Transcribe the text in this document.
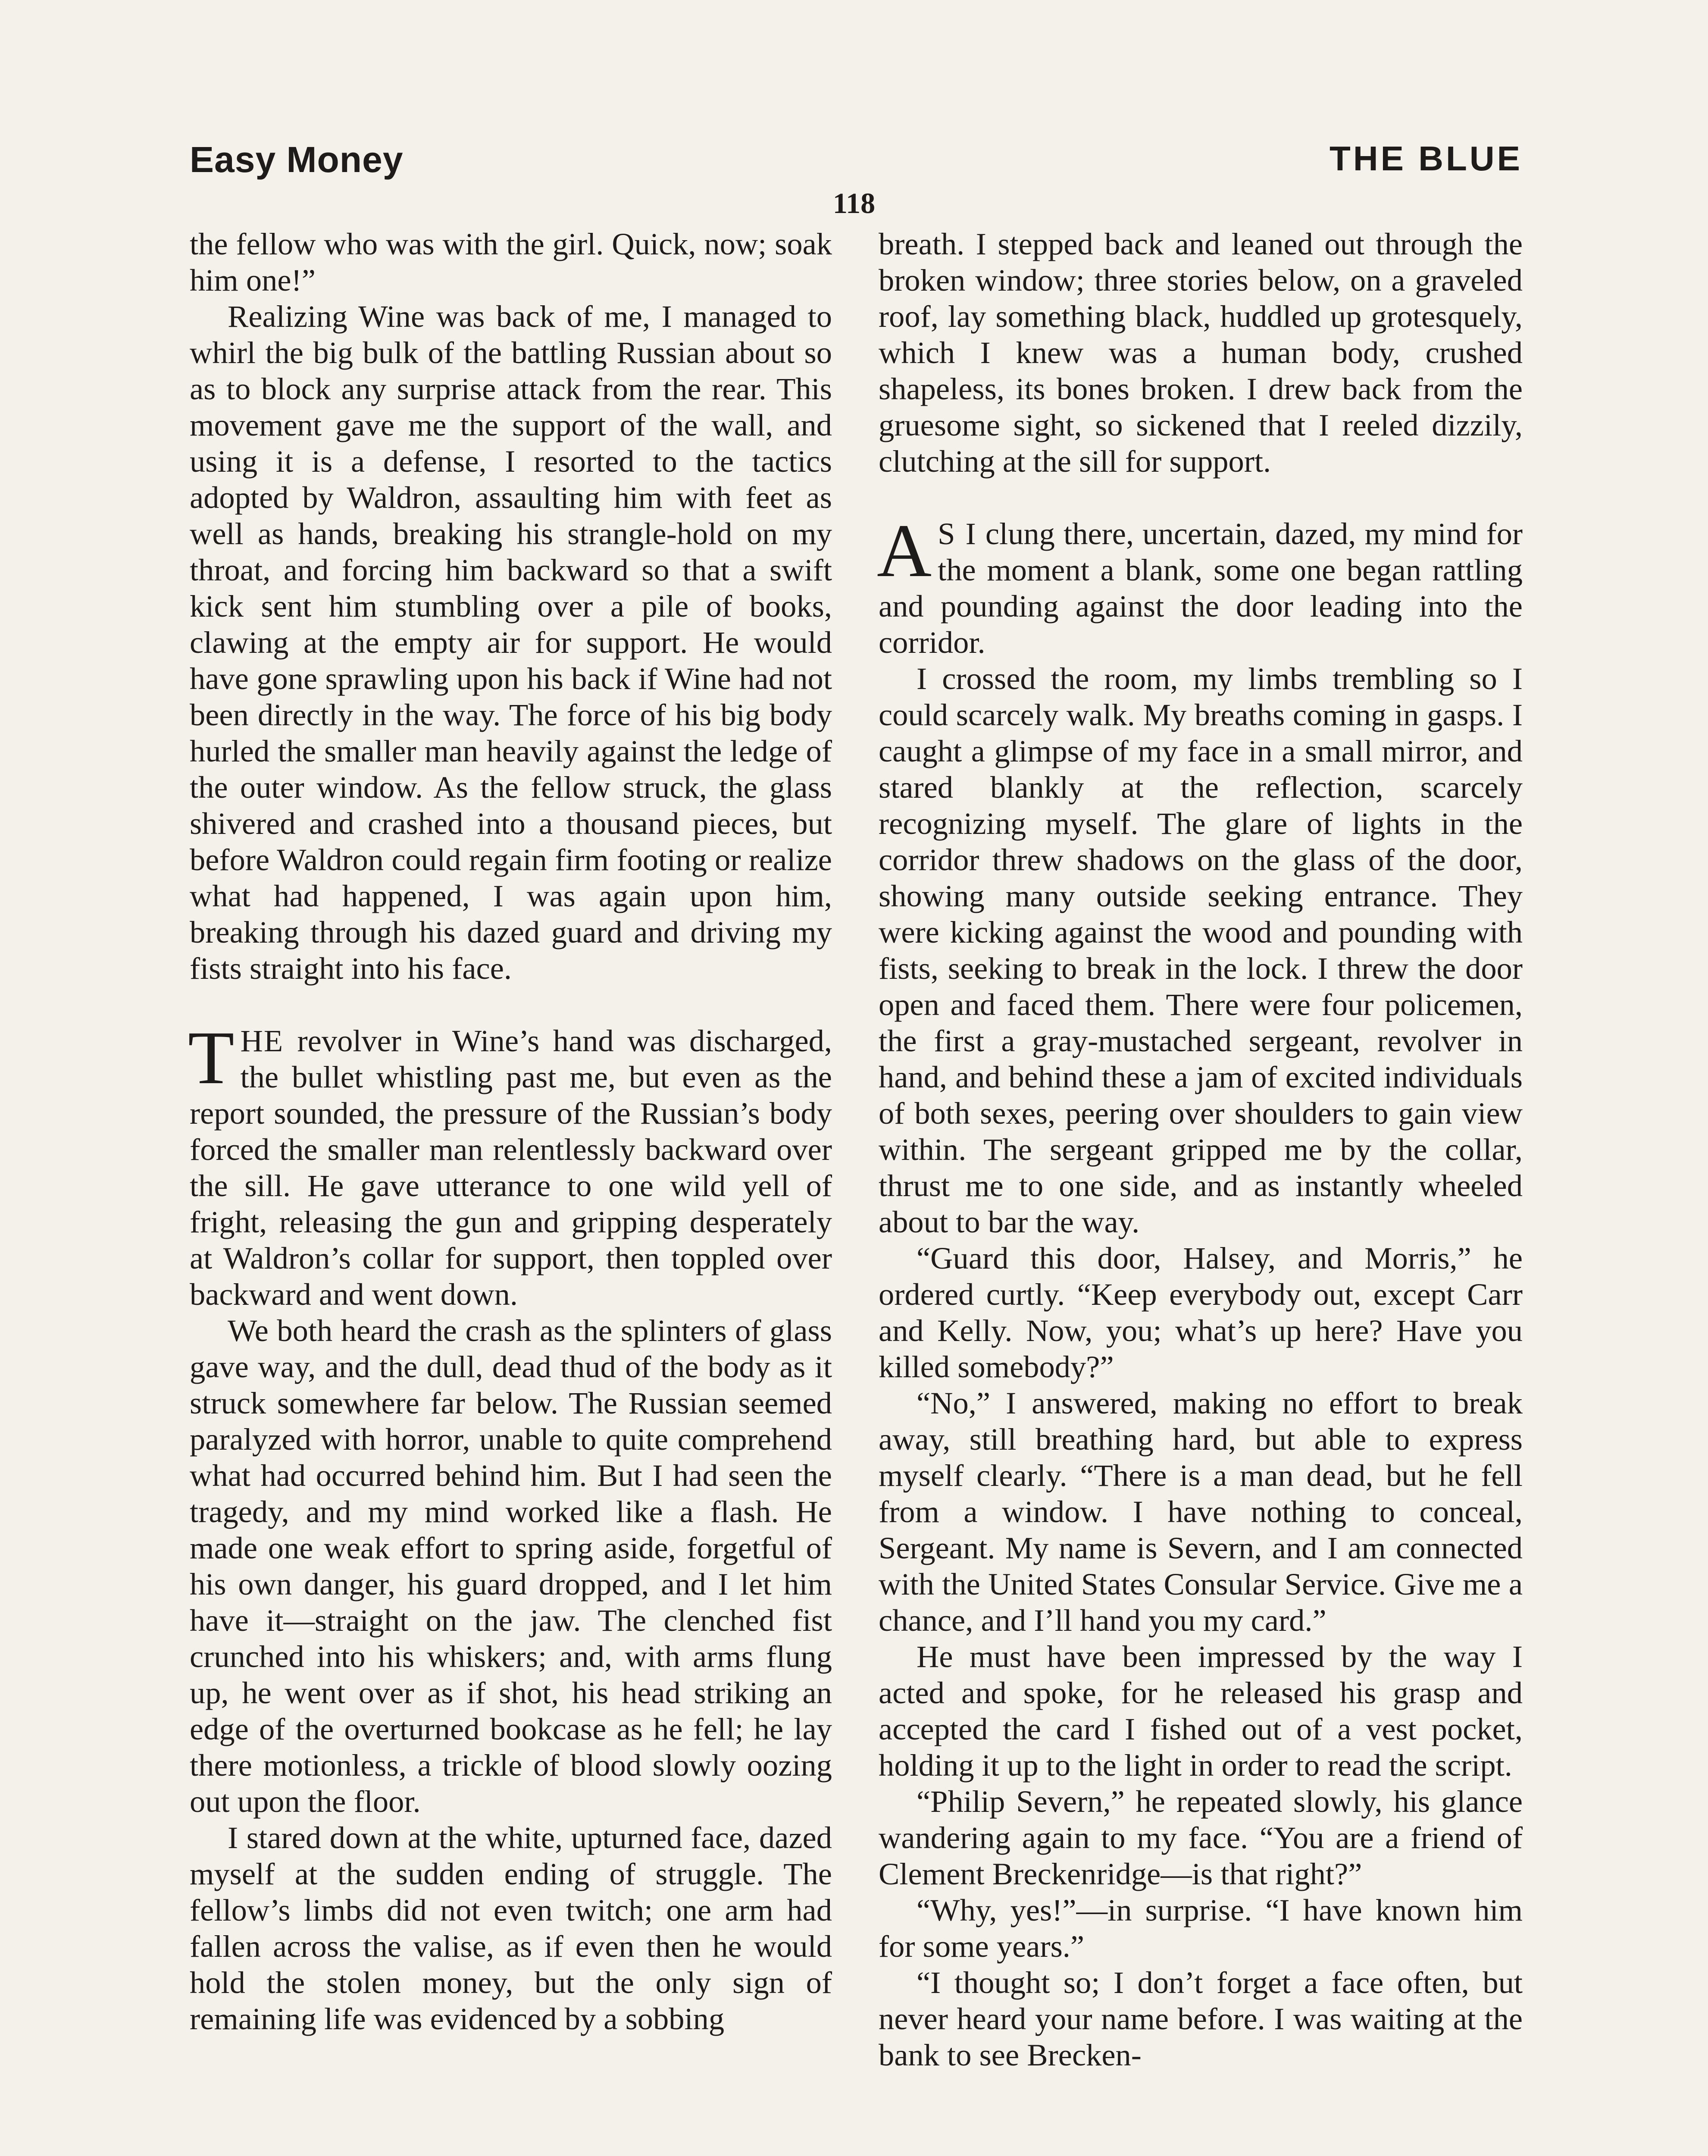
Easy Money	THE BLUE
118

the fellow who was with the girl. Quick, now; soak him one!”

Realizing Wine was back of me, I managed to whirl the big bulk of the battling Russian about so as to block any surprise attack from the rear. This movement gave me the support of the wall, and using it is a defense, I resorted to the tactics adopted by Waldron, assaulting him with feet as well as hands, breaking his strangle-hold on my throat, and forcing him backward so that a swift kick sent him stumbling over a pile of books, clawing at the empty air for support. He would have gone sprawling upon his back if Wine had not been directly in the way. The force of his big body hurled the smaller man heavily against the ledge of the outer window. As the fellow struck, the glass shivered and crashed into a thousand pieces, but before Waldron could regain firm footing or realize what had happened, I was again upon him, breaking through his dazed guard and driving my fists straight into his face.

THE revolver in Wine’s hand was discharged, the bullet whistling past me, but even as the report sounded, the pressure of the Russian’s body forced the smaller man relentlessly backward over the sill. He gave utterance to one wild yell of fright, releasing the gun and gripping desperately at Waldron’s collar for support, then toppled over backward and went down.

We both heard the crash as the splinters of glass gave way, and the dull, dead thud of the body as it struck somewhere far below. The Russian seemed paralyzed with horror, unable to quite comprehend what had occurred behind him. But I had seen the tragedy, and my mind worked like a flash. He made one weak effort to spring aside, forgetful of his own danger, his guard dropped, and I let him have it—straight on the jaw. The clenched fist crunched into his whiskers; and, with arms flung up, he went over as if shot, his head striking an edge of the overturned bookcase as he fell; he lay there motionless, a trickle of blood slowly oozing out upon the floor.

I stared down at the white, upturned face, dazed myself at the sudden ending of struggle. The fellow’s limbs did not even twitch; one arm had fallen across the valise, as if even then he would hold the stolen money, but the only sign of remaining life was evidenced by a sobbing

breath. I stepped back and leaned out through the broken window; three stories below, on a graveled roof, lay something black, huddled up grotesquely, which I knew was a human body, crushed shapeless, its bones broken. I drew back from the gruesome sight, so sickened that I reeled dizzily, clutching at the sill for support.

A S I clung there, uncertain, dazed, my mind for the moment a blank, some one began rattling and pounding against the door leading into the corridor.

I crossed the room, my limbs trembling so I could scarcely walk. My breaths coming in gasps. I caught a glimpse of my face in a small mirror, and stared blankly at the reflection, scarcely recognizing myself. The glare of lights in the corridor threw shadows on the glass of the door, showing many outside seeking entrance. They were kicking against the wood and pounding with fists, seeking to break in the lock. I threw the door open and faced them. There were four policemen, the first a gray-mustached sergeant, revolver in hand, and behind these a jam of excited individuals of both sexes, peering over shoulders to gain view within. The sergeant gripped me by the collar, thrust me to one side, and as instantly wheeled about to bar the way.

“Guard this door, Halsey, and Morris,” he ordered curtly. “Keep everybody out, except Carr and Kelly. Now, you; what’s up here? Have you killed somebody?”

“No,” I answered, making no effort to break away, still breathing hard, but able to express myself clearly. “There is a man dead, but he fell from a window. I have nothing to conceal, Sergeant. My name is Severn, and I am connected with the United States Consular Service. Give me a chance, and I’ll hand you my card.”

He must have been impressed by the way I acted and spoke, for he released his grasp and accepted the card I fished out of a vest pocket, holding it up to the light in order to read the script.

“Philip Severn,” he repeated slowly, his glance wandering again to my face. “You are a friend of Clement Breckenridge—is that right?”

“Why, yes!”—in surprise. “I have known him for some years.”

“I thought so; I don’t forget a face often, but never heard your name before. I was waiting at the bank to see Brecken-
